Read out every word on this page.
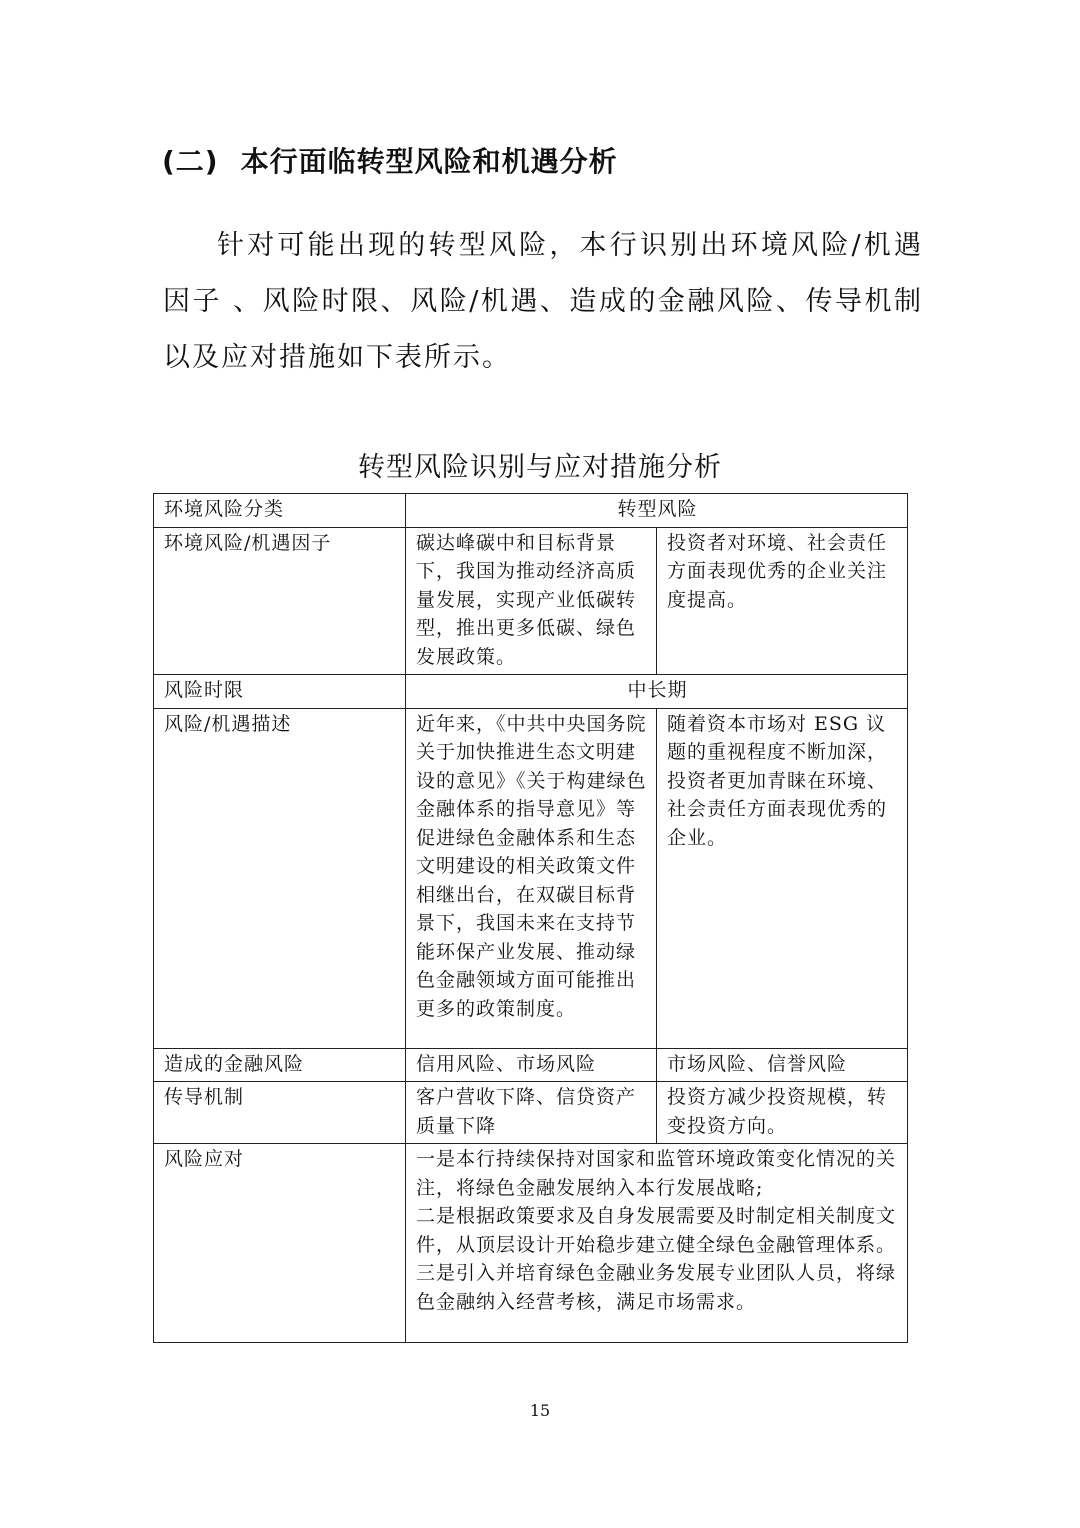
(二) 本行面临转型风险和机遇分析

针对可能出现的转型风险，本行识别出环境风险/机遇因子 、风险时限、风险/机遇、造成的金融风险、传导机制以及应对措施如下表所示。

转型风险识别与应对措施分析

环境风险分类	转型风险	
环境风险/机遇因子	碳达峰碳中和目标背景下，我国为推动经济高质量发展，实现产业低碳转型，推出更多低碳、绿色发展政策。	投资者对环境、社会责任方面表现优秀的企业关注度提高。
风险时限	中长期	
风险/机遇描述	近年来，《中共中央国务院关于加快推进生态文明建设的意见》《关于构建绿色金融体系的指导意见》等促进绿色金融体系和生态文明建设的相关政策文件相继出台，在双碳目标背景下，我国未来在支持节能环保产业发展、推动绿色金融领域方面可能推出更多的政策制度。	随着资本市场对 ESG 议题的重视程度不断加深，投资者更加青睐在环境、社会责任方面表现优秀的企业。
造成的金融风险	信用风险、市场风险	市场风险、信誉风险
传导机制	客户营收下降、信贷资产质量下降	投资方减少投资规模，转变投资方向。
风险应对	一是本行持续保持对国家和监管环境政策变化情况的关注，将绿色金融发展纳入本行发展战略;
二是根据政策要求及自身发展需要及时制定相关制度文件，从顶层设计开始稳步建立健全绿色金融管理体系。
三是引入并培育绿色金融业务发展专业团队人员，将绿色金融纳入经营考核，满足市场需求。	

15
